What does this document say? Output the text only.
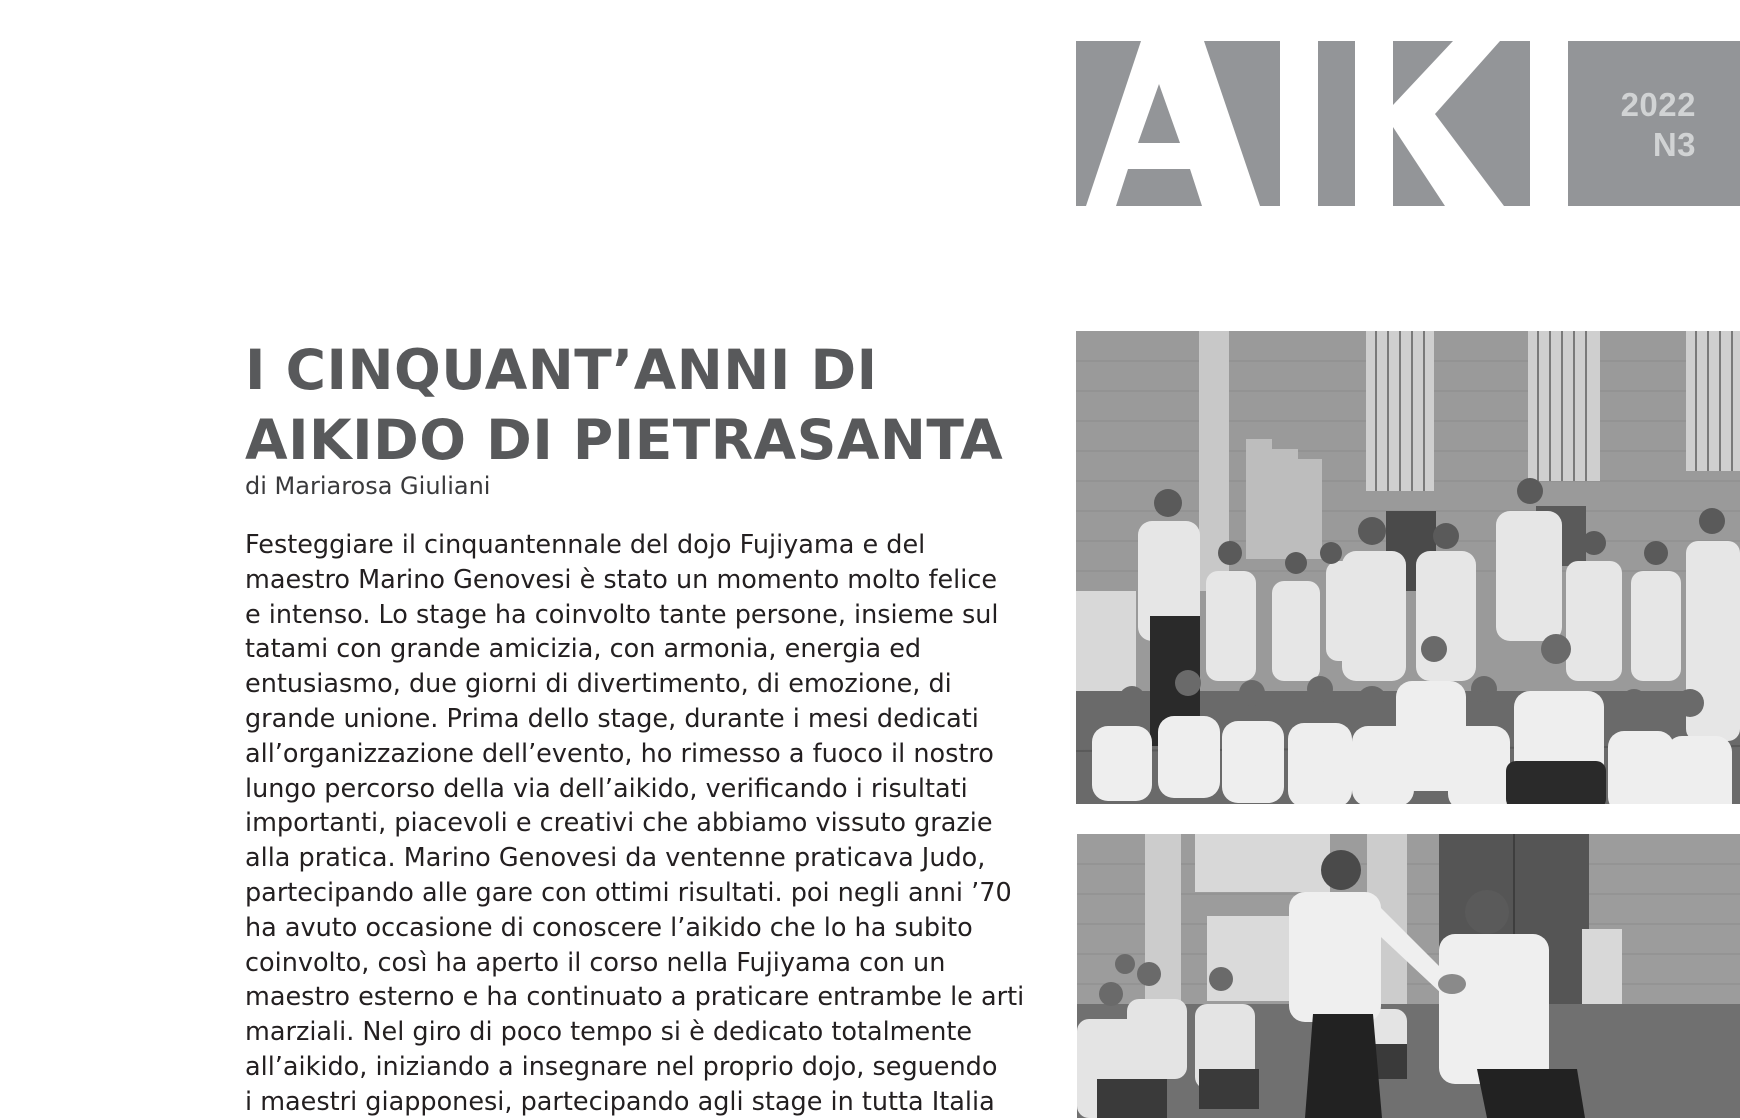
2022
N3
I CINQUANT’ANNI DI
AIKIDO DI PIETRASANTA

di Mariarosa Giuliani

Festeggiare il cinquantennale del dojo Fujiyama e del
maestro Marino Genovesi è stato un momento molto felice
e intenso. Lo stage ha coinvolto tante persone, insieme sul
tatami con grande amicizia, con armonia, energia ed
entusiasmo, due giorni di divertimento, di emozione, di
grande unione. Prima dello stage, durante i mesi dedicati
all’organizzazione dell’evento, ho rimesso a fuoco il nostro
lungo percorso della via dell’aikido, verificando i risultati
importanti, piacevoli e creativi che abbiamo vissuto grazie
alla pratica. Marino Genovesi da ventenne praticava Judo,
partecipando alle gare con ottimi risultati. poi negli anni ’70
ha avuto occasione di conoscere l’aikido che lo ha subito
coinvolto, così ha aperto il corso nella Fujiyama con un
maestro esterno e ha continuato a praticare entrambe le arti
marziali. Nel giro di poco tempo si è dedicato totalmente
all’aikido, iniziando a insegnare nel proprio dojo, seguendo
i maestri giapponesi, partecipando agli stage in tutta Italia
